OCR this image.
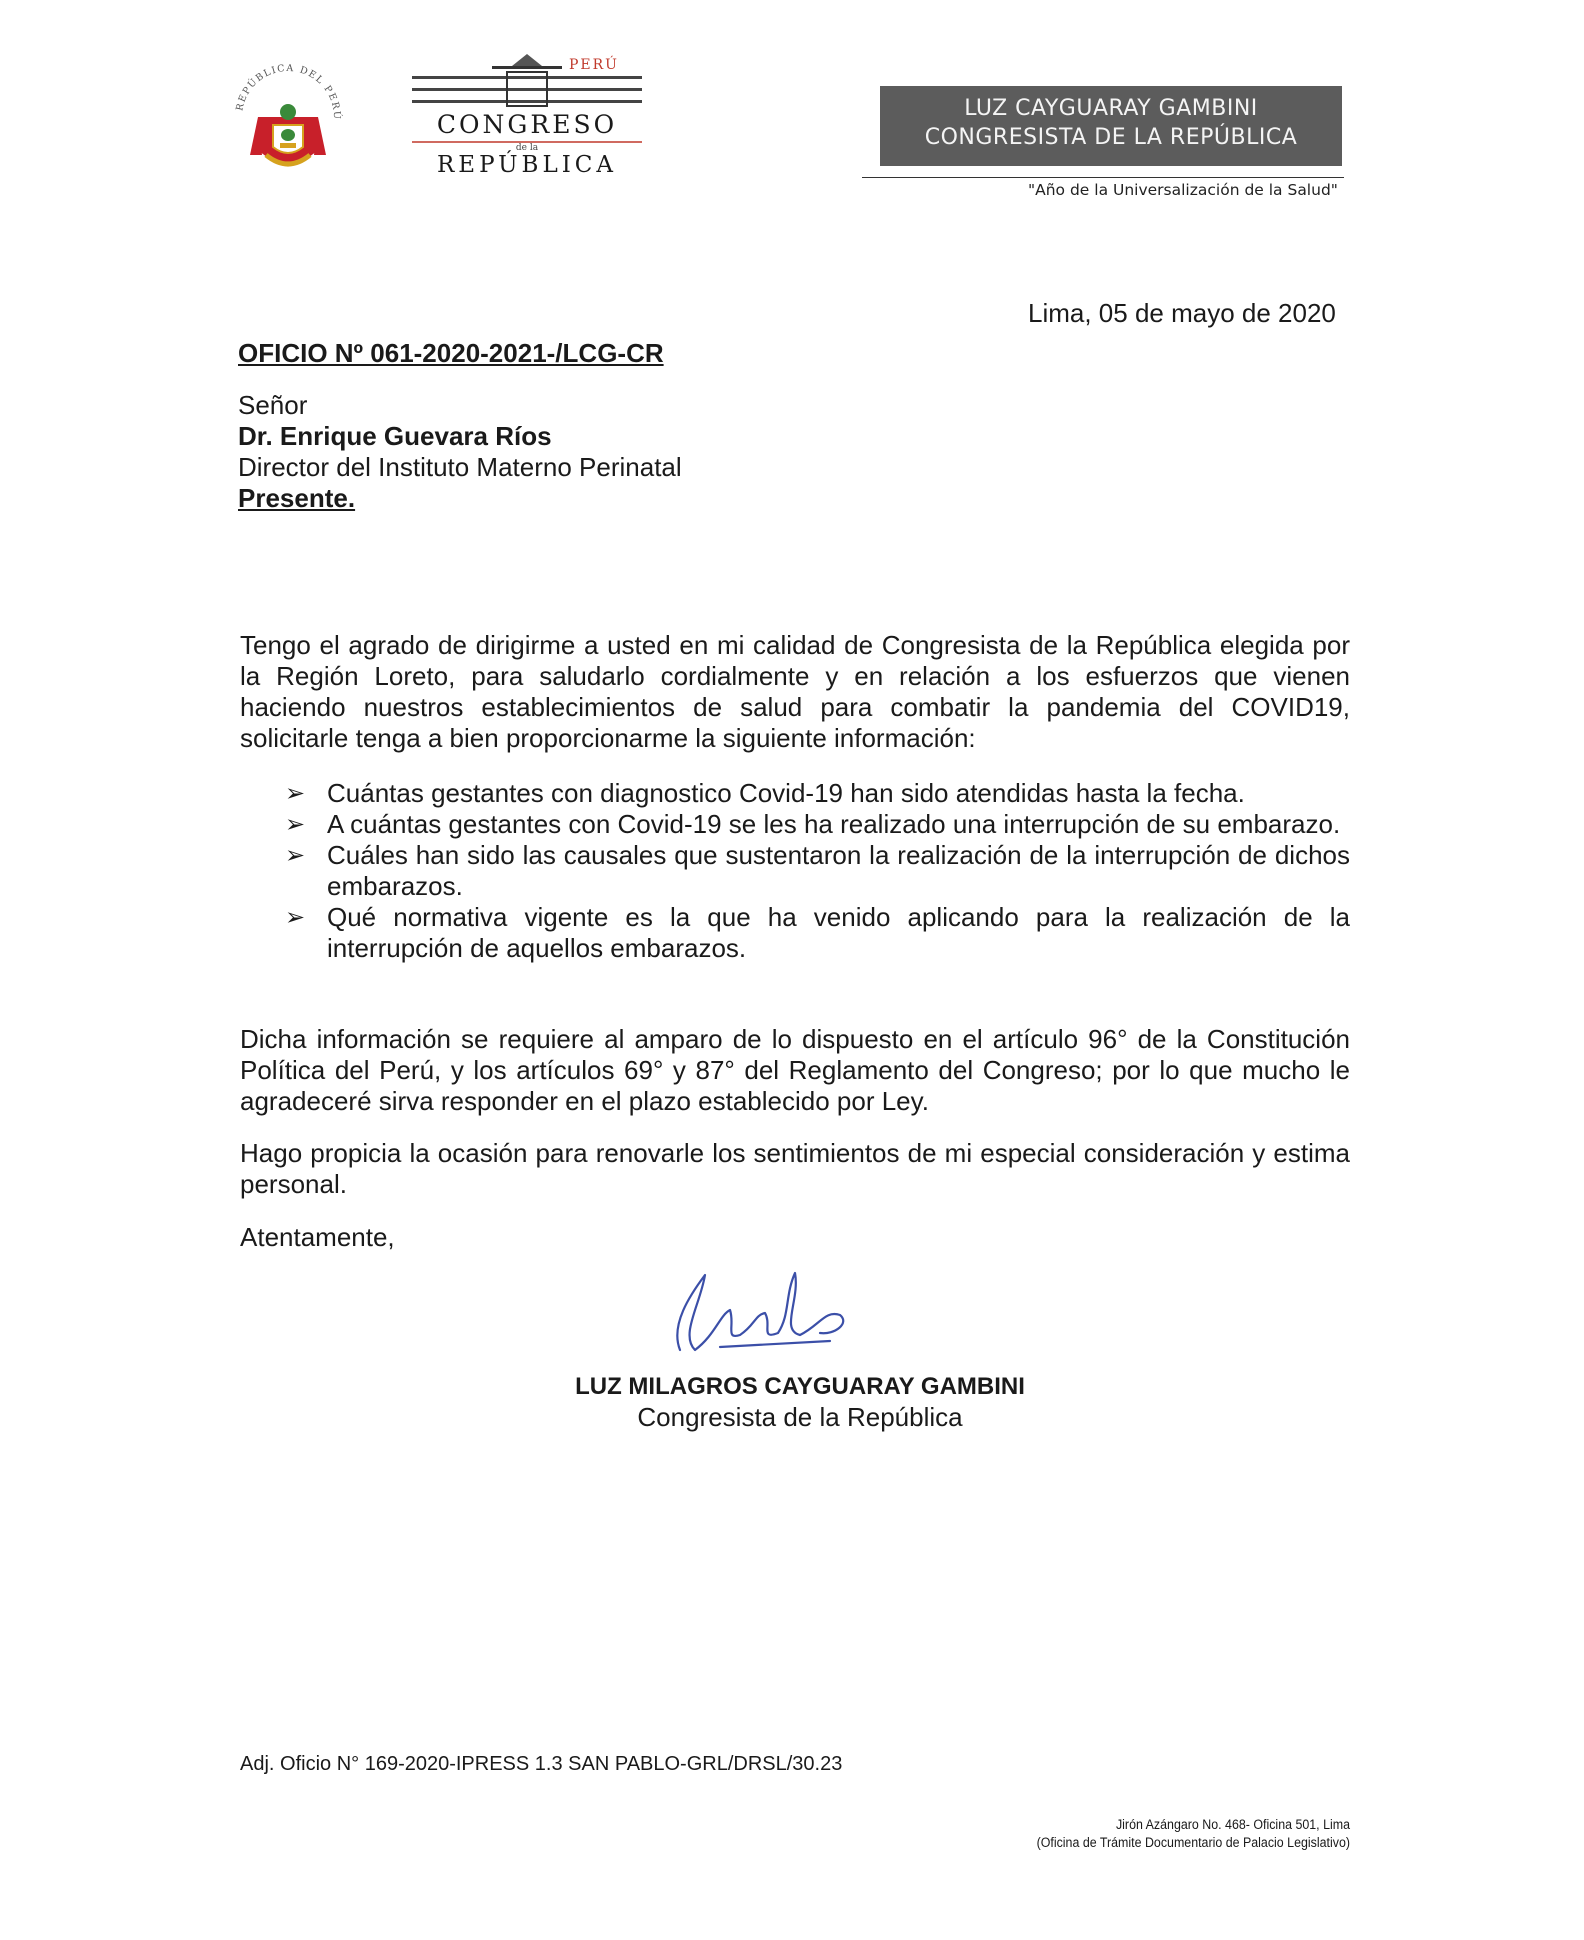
REPÚBLICA DEL PERÚ
PERÚ
CONGRESO
de la
REPÚBLICA
LUZ CAYGUARAY GAMBINI
CONGRESISTA DE LA REPÚBLICA
"Año de la Universalización de la Salud"
Lima, 05 de mayo de 2020
OFICIO Nº 061-2020-2021-/LCG-CR
Señor
Dr. Enrique Guevara Ríos
Director del Instituto Materno Perinatal
Presente.
Tengo el agrado de dirigirme a usted en mi calidad de Congresista de la República elegida por la Región Loreto, para saludarlo cordialmente y en relación a los esfuerzos que vienen haciendo nuestros establecimientos de salud para combatir la pandemia del COVID19, solicitarle tenga a bien proporcionarme la siguiente información:
➢ Cuántas gestantes con diagnostico Covid-19 han sido atendidas hasta la fecha.
➢ A cuántas gestantes con Covid-19 se les ha realizado una interrupción de su embarazo.
➢ Cuáles han sido las causales que sustentaron la realización de la interrupción de dichos embarazos.
➢ Qué normativa vigente es la que ha venido aplicando para la realización de la interrupción de aquellos embarazos.
Dicha información se requiere al amparo de lo dispuesto en el artículo 96° de la Constitución Política del Perú, y los artículos 69° y 87° del Reglamento del Congreso; por lo que mucho le agradeceré sirva responder en el plazo establecido por Ley.
Hago propicia la ocasión para renovarle los sentimientos de mi especial consideración y estima personal.
Atentamente,
LUZ MILAGROS CAYGUARAY GAMBINI
Congresista de la República
Adj. Oficio N° 169-2020-IPRESS 1.3 SAN PABLO-GRL/DRSL/30.23
Jirón Azángaro No. 468- Oficina 501, Lima
(Oficina de Trámite Documentario de Palacio Legislativo)
